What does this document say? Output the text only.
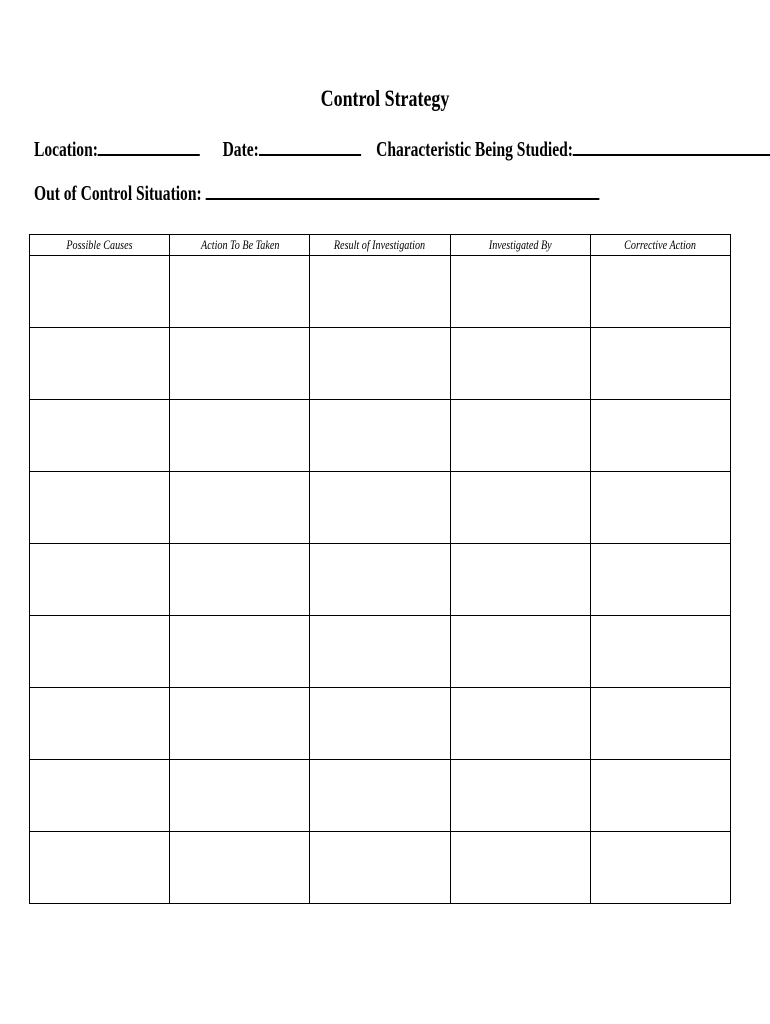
Control Strategy
Location:	Date:	Characteristic Being Studied:
Out of Control Situation:
Possible Causes	Action To Be Taken	Result of Investigation	Investigated By	Corrective Action
